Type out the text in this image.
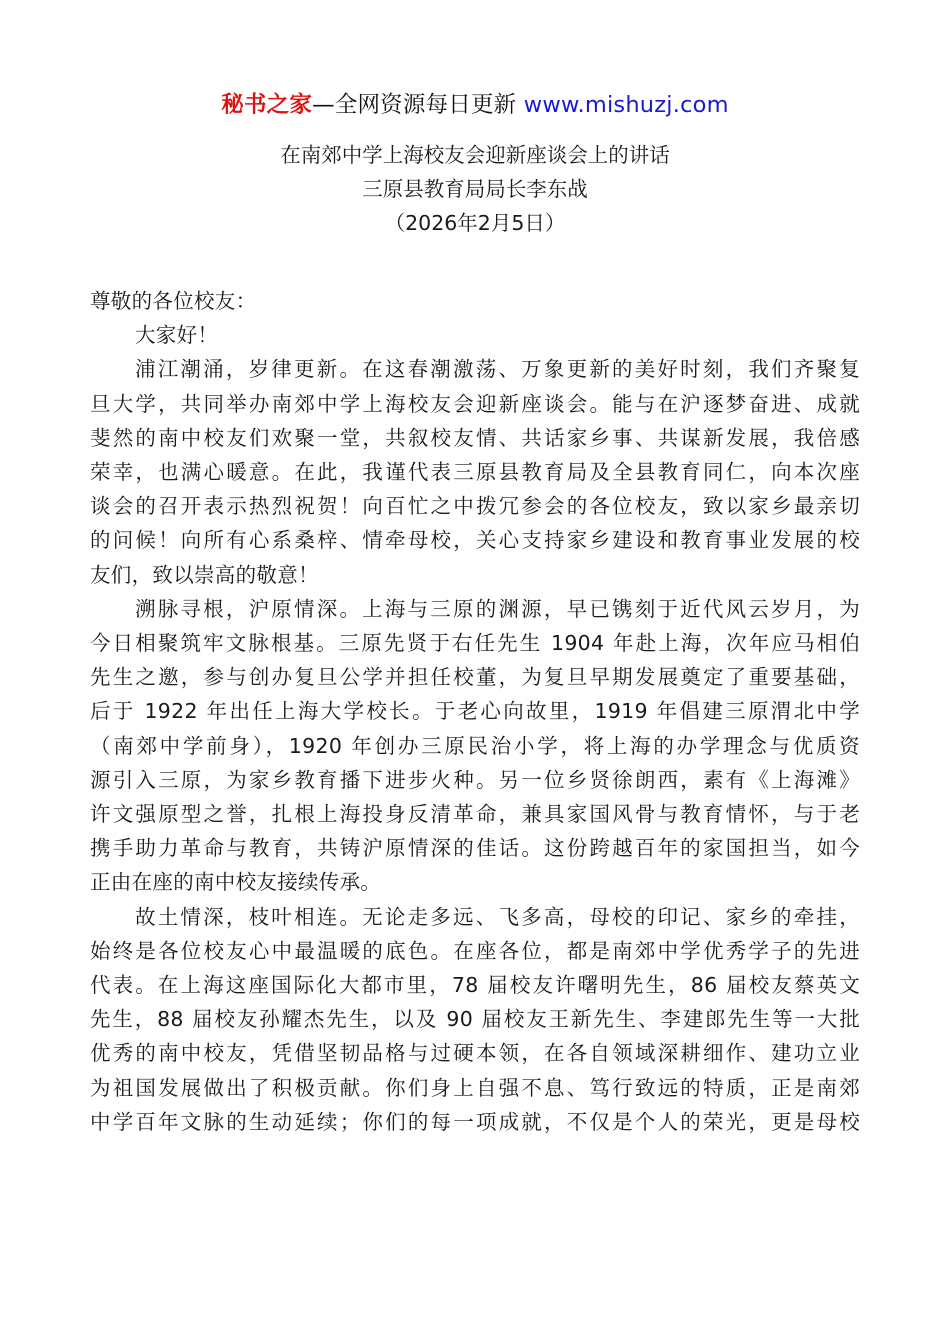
秘书之家—全网资源每日更新 www.mishuzj.com
在南郊中学上海校友会迎新座谈会上的讲话
三原县教育局局长李东战
（2026年2月5日）

尊敬的各位校友：

大家好！

浦江潮涌，岁律更新。在这春潮激荡、万象更新的美好时刻，我们齐聚复
旦大学，共同举办南郊中学上海校友会迎新座谈会。能与在沪逐梦奋进、成就
斐然的南中校友们欢聚一堂，共叙校友情、共话家乡事、共谋新发展，我倍感
荣幸，也满心暖意。在此，我谨代表三原县教育局及全县教育同仁，向本次座
谈会的召开表示热烈祝贺！向百忙之中拨冗参会的各位校友，致以家乡最亲切
的问候！向所有心系桑梓、情牵母校，关心支持家乡建设和教育事业发展的校
友们，致以崇高的敬意！
溯脉寻根，沪原情深。上海与三原的渊源，早已镌刻于近代风云岁月，为
今日相聚筑牢文脉根基。三原先贤于右任先生 1904 年赴上海，次年应马相伯
先生之邀，参与创办复旦公学并担任校董，为复旦早期发展奠定了重要基础，
后于 1922 年出任上海大学校长。于老心向故里，1919 年倡建三原渭北中学
（南郊中学前身），1920 年创办三原民治小学，将上海的办学理念与优质资
源引入三原，为家乡教育播下进步火种。另一位乡贤徐朗西，素有《上海滩》
许文强原型之誉，扎根上海投身反清革命，兼具家国风骨与教育情怀，与于老
携手助力革命与教育，共铸沪原情深的佳话。这份跨越百年的家国担当，如今
正由在座的南中校友接续传承。
故土情深，枝叶相连。无论走多远、飞多高，母校的印记、家乡的牵挂，
始终是各位校友心中最温暖的底色。在座各位，都是南郊中学优秀学子的先进
代表。在上海这座国际化大都市里，78 届校友许曙明先生，86 届校友蔡英文
先生，88 届校友孙耀杰先生，以及 90 届校友王新先生、李建郎先生等一大批
优秀的南中校友，凭借坚韧品格与过硬本领，在各自领域深耕细作、建功立业
为祖国发展做出了积极贡献。你们身上自强不息、笃行致远的特质，正是南郊
中学百年文脉的生动延续；你们的每一项成就，不仅是个人的荣光，更是母校
